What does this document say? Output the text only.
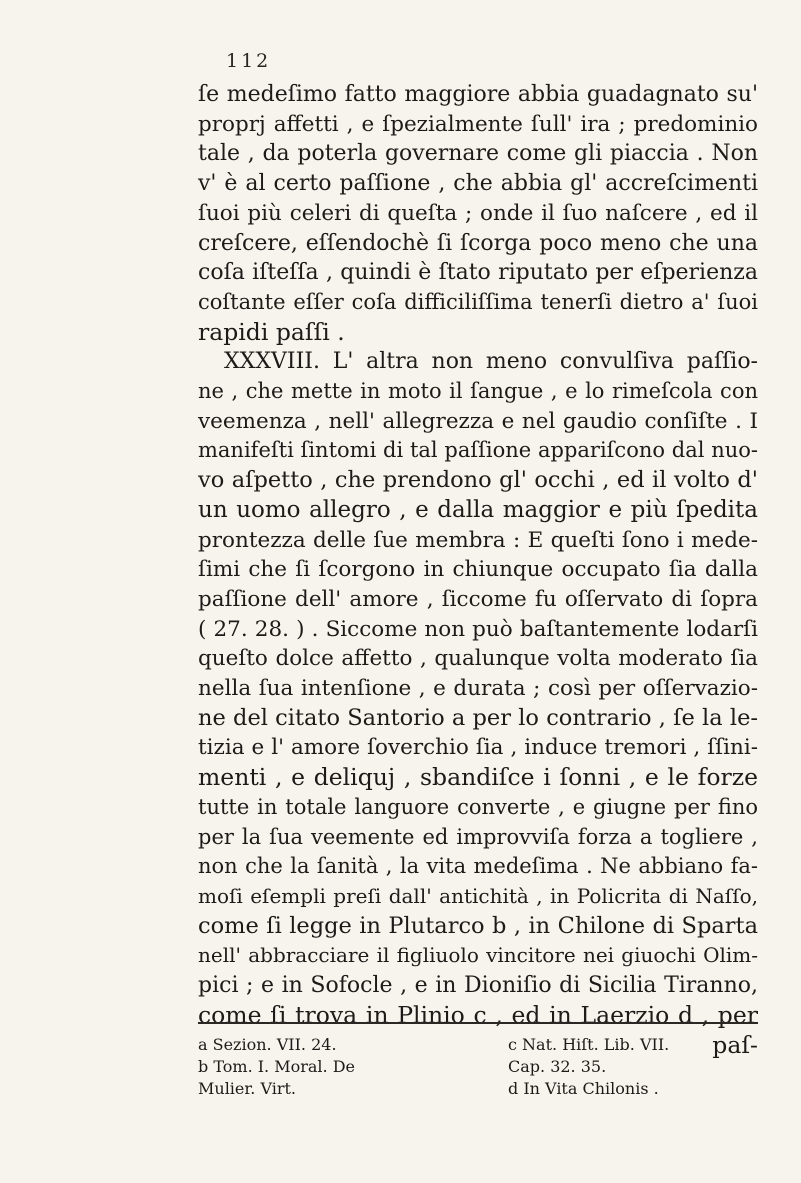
112
ſe medeſimo fatto maggiore abbia guadagnato su'
proprj affetti , e ſpezialmente ſull' ira ; predominio
tale , da poterla governare come gli piaccia . Non
v' è al certo paſſione , che abbia gl' accreſcimenti
ſuoi più celeri di queſta ; onde il ſuo naſcere , ed il
creſcere, eſſendochè ſi ſcorga poco meno che una
coſa iſteſſa , quindi è ſtato riputato per eſperienza
coſtante eſſer coſa difficiliſſima tenerſi dietro a' ſuoi
rapidi paſſi .
XXXVIII. L' altra non meno convulſiva paſſio-
ne , che mette in moto il ſangue , e lo rimeſcola con
veemenza , nell' allegrezza e nel gaudio conſiſte . I
manifeſti ſintomi di tal paſſione appariſcono dal nuo-
vo aſpetto , che prendono gl' occhi , ed il volto d'
un uomo allegro , e dalla maggior e più ſpedita
prontezza delle ſue membra : E queſti ſono i mede-
ſimi che ſi ſcorgono in chiunque occupato ſia dalla
paſſione dell' amore , ſiccome fu oſſervato di ſopra
( 27. 28. ) . Siccome non può baſtantemente lodarſi
queſto dolce affetto , qualunque volta moderato ſia
nella ſua intenſione , e durata ; così per oſſervazio-
ne del citato Santorio a per lo contrario , ſe la le-
tizia e l' amore ſoverchio ſia , induce tremori , ſſini-
menti , e deliquj , sbandiſce i ſonni , e le forze
tutte in totale languore converte , e giugne per fino
per la ſua veemente ed improvviſa forza a togliere ,
non che la ſanità , la vita medeſima . Ne abbiano fa-
moſi eſempli preſi dall' antichità , in Policrita di Naſſo,
come ſi legge in Plutarco b , in Chilone di Sparta
nell' abbracciare il figliuolo vincitore nei giuochi Olim-
pici ; e in Sofocle , e in Dioniſio di Sicilia Tiranno,
come ſi trova in Plinio c , ed in Laerzio d , per
paſ-
a Sezion. VII. 24.
b Tom. I. Moral. De
Mulier. Virt.
c Nat. Hiſt. Lib. VII.
Cap. 32. 35.
d In Vita Chilonis .
